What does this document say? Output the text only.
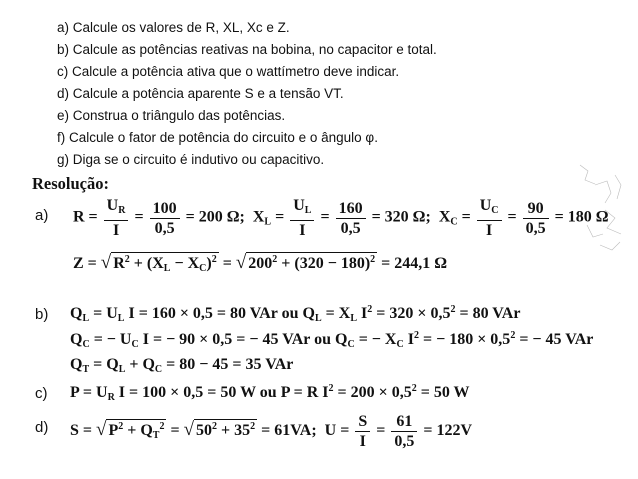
a) Calcule os valores de R, XL, Xc e Z.
b) Calcule as potências reativas na bobina, no capacitor e total.
c) Calcule a potência ativa que o wattímetro deve indicar.
d) Calcule a potência aparente S e a tensão VT.
e) Construa o triângulo das potências.
f) Calcule o fator de potência do circuito e o ângulo φ.
g) Diga se o circuito é indutivo ou capacitivo.
Resolução:
a)
b)
c)
d)
$R = \frac{U_R}{I} = \frac{100}{0,5} = 200$ Ω;  $X_L = \frac{U_L}{I} = \frac{160}{0,5} = 320$ Ω;  $X_C = \frac{U_C}{I} = \frac{90}{0,5} = 180$ Ω
Z = √ $R^2 + (X_L - X_C)^2$ = √ $200^2 + (320 - 180)^2 = 244,1$ Ω
$Q_L = U_L$ I = 160 × 0,5 = 80 VAr ou $Q_L = X_L$ $I^2 = 320 \times 0,5^2 = 80$ VAr
$Q_C$ = − $U_C$ I = − 90 × 0,5 = − 45 VAr ou $Q_C$ = − $X_C$ $I^2$ = − $180 \times 0,5^2$ = − 45 VAr
$Q_T = Q_L + Q_C = 80 - 45 = 35$ VAr
$P = U_R$ I = 100 × 0,5 = 50 W ou P = R $I^2 = 200 \times 0,5^2 = 50$ W
S = √ $P^2 + Q_T^2$ = √ $50^2 + 35^2 = 61VA$;  $U = \frac{S}{I} = \frac{61}{0,5} = 122V$
